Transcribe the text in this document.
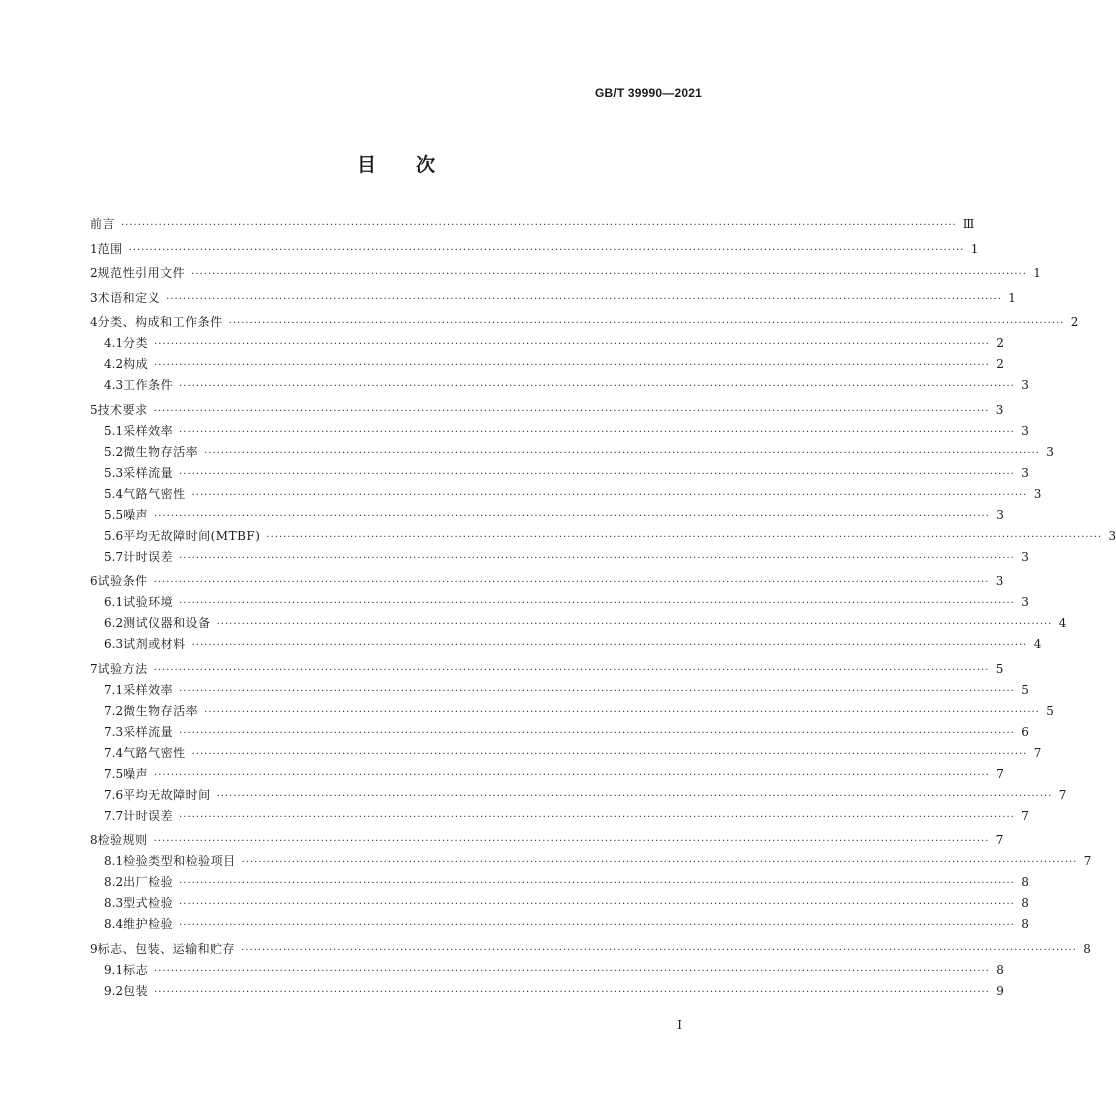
GB/T 39990—2021
目次
前言 ········································································································································································································ Ⅲ
1 范围 ········································································································································································································ 1
2 规范性引用文件 ········································································································································································································ 1
3 术语和定义 ········································································································································································································ 1
4 分类、构成和工作条件 ········································································································································································································ 2
4.1 分类 ········································································································································································································ 2
4.2 构成 ········································································································································································································ 2
4.3 工作条件 ········································································································································································································ 3
5 技术要求 ········································································································································································································ 3
5.1 采样效率 ········································································································································································································ 3
5.2 微生物存活率 ········································································································································································································ 3
5.3 采样流量 ········································································································································································································ 3
5.4 气路气密性 ········································································································································································································ 3
5.5 噪声 ········································································································································································································ 3
5.6 平均无故障时间(MTBF) ········································································································································································································ 3
5.7 计时误差 ········································································································································································································ 3
6 试验条件 ········································································································································································································ 3
6.1 试验环境 ········································································································································································································ 3
6.2 测试仪器和设备 ········································································································································································································ 4
6.3 试剂或材料 ········································································································································································································ 4
7 试验方法 ········································································································································································································ 5
7.1 采样效率 ········································································································································································································ 5
7.2 微生物存活率 ········································································································································································································ 5
7.3 采样流量 ········································································································································································································ 6
7.4 气路气密性 ········································································································································································································ 7
7.5 噪声 ········································································································································································································ 7
7.6 平均无故障时间 ········································································································································································································ 7
7.7 计时误差 ········································································································································································································ 7
8 检验规则 ········································································································································································································ 7
8.1 检验类型和检验项目 ········································································································································································································ 7
8.2 出厂检验 ········································································································································································································ 8
8.3 型式检验 ········································································································································································································ 8
8.4 维护检验 ········································································································································································································ 8
9 标志、包装、运输和贮存 ········································································································································································································ 8
9.1 标志 ········································································································································································································ 8
9.2 包装 ········································································································································································································ 9
I
